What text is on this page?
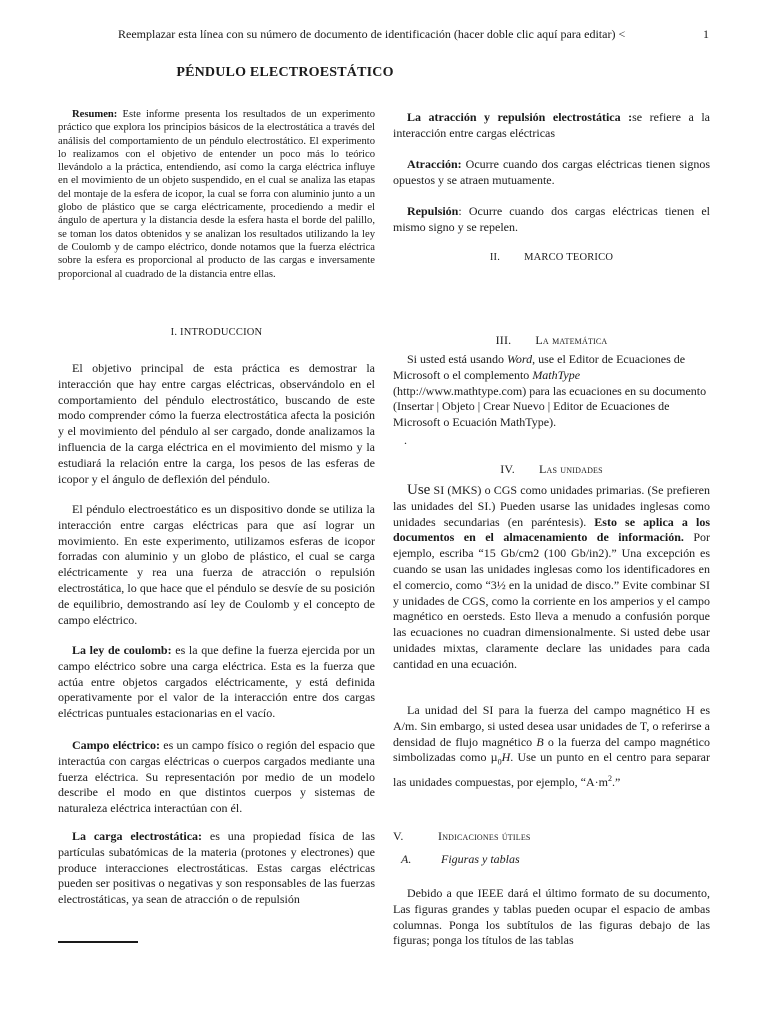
Reemplazar esta línea con su número de documento de identificación (hacer doble clic aquí para editar) <	1
PÉNDULO ELECTROESTÁTICO

Resumen: Este informe presenta los resultados de un experimento práctico que explora los principios básicos de la electrostática a través del análisis del comportamiento de un péndulo electrostático. El experimento lo realizamos con el objetivo de entender un poco más lo teórico llevándolo a la práctica, entendiendo, así como la carga eléctrica influye en el movimiento de un objeto suspendido, en el cual se analiza las etapas del montaje de la esfera de icopor, la cual se forra con aluminio junto a un globo de plástico que se carga eléctricamente, procediendo a medir el ángulo de apertura y la distancia desde la esfera hasta el borde del palillo, se toman los datos obtenidos y se analizan los resultados utilizando la ley de Coulomb y de campo eléctrico, donde notamos que la fuerza eléctrica sobre la esfera es proporcional al producto de las cargas e inversamente proporcional al cuadrado de la distancia entre ellas.

I. INTRODUCCION

El objetivo principal de esta práctica es demostrar la interacción que hay entre cargas eléctricas, observándolo en el comportamiento del péndulo electrostático, buscando de este modo comprender cómo la fuerza electrostática afecta la posición y el movimiento del péndulo al ser cargado, donde analizamos la influencia de la carga eléctrica en el movimiento del mismo y la estudiará la relación entre la carga, los pesos de las esferas de icopor y el ángulo de deflexión del péndulo.

El péndulo electroestático es un dispositivo donde se utiliza la interacción entre cargas eléctricas para que así lograr un movimiento. En este experimento, utilizamos esferas de icopor forradas con aluminio y un globo de plástico, el cual se carga eléctricamente y rea una fuerza de atracción o repulsión electrostática, lo que hace que el péndulo se desvíe de su posición de equilibrio, demostrando así ley de Coulomb y el concepto de campo eléctrico.

La ley de coulomb: es la que define la fuerza ejercida por un campo eléctrico sobre una carga eléctrica. Esta es la fuerza que actúa entre objetos cargados eléctricamente, y está definida operativamente por el valor de la interacción entre dos cargas eléctricas puntuales estacionarias en el vacío.

Campo eléctrico: es un campo físico o región del espacio que interactúa con cargas eléctricas o cuerpos cargados mediante una fuerza eléctrica. Su representación por medio de un modelo describe el modo en que distintos cuerpos y sistemas de naturaleza eléctrica interactúan con él.

La carga electrostática: es una propiedad física de las partículas subatómicas de la materia (protones y electrones) que produce interacciones electrostáticas. Estas cargas eléctricas pueden ser positivas o negativas y son responsables de las fuerzas electrostáticas, ya sean de atracción o de repulsión

La atracción y repulsión electrostática :se refiere a la interacción entre cargas eléctricas

Atracción: Ocurre cuando dos cargas eléctricas tienen signos opuestos y se atraen mutuamente.

Repulsión: Ocurre cuando dos cargas eléctricas tienen el mismo signo y se repelen.

II. MARCO TEORICO
III. La matemática

Si usted está usando Word, use el Editor de Ecuaciones de Microsoft o el complemento MathType (http://www.mathtype.com) para las ecuaciones en su documento (Insertar | Objeto | Crear Nuevo | Editor de Ecuaciones de Microsoft o Ecuación MathType).

.
IV. Las unidades

Use SI (MKS) o CGS como unidades primarias. (Se prefieren las unidades del SI.) Pueden usarse las unidades inglesas como unidades secundarias (en paréntesis). Esto se aplica a los documentos en el almacenamiento de información. Por ejemplo, escriba “15 Gb/cm2 (100 Gb/in2).” Una excepción es cuando se usan las unidades inglesas como los identificadores en el comercio, como “3½ en la unidad de disco.” Evite combinar SI y unidades de CGS, como la corriente en los amperios y el campo magnético en oersteds. Esto lleva a menudo a confusión porque las ecuaciones no cuadran dimensionalmente. Si usted debe usar unidades mixtas, claramente declare las unidades para cada cantidad en una ecuación.

La unidad del SI para la fuerza del campo magnético H es A/m. Sin embargo, si usted desea usar unidades de T, o referirse a densidad de flujo magnético B o la fuerza del campo magnético simbolizadas como µ$_0$H. Use un punto en el centro para separar las unidades compuestas, por ejemplo, “$A\cdot m^2$.”

V.	Indicaciones útiles
A. Figuras y tablas

Debido a que IEEE dará el último formato de su documento, Las figuras grandes y tablas pueden ocupar el espacio de ambas columnas. Ponga los subtítulos de las figuras debajo de las figuras; ponga los títulos de las tablas
